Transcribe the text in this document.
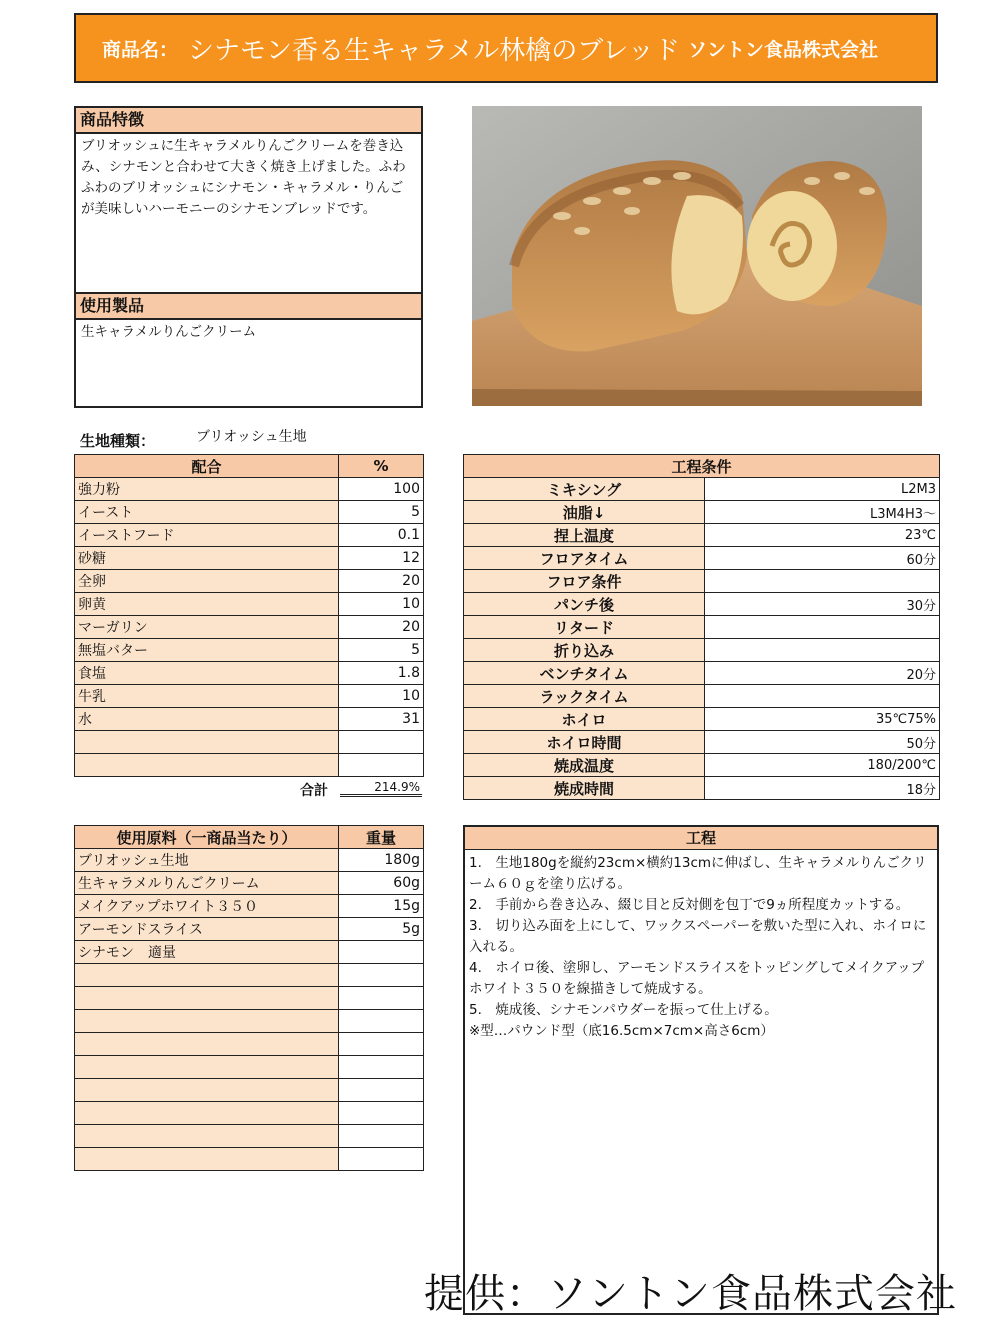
商品名： シナモン香る生キャラメル林檎のブレッド ソントン食品株式会社
商品特徴
ブリオッシュに生キャラメルりんごクリームを巻き込み、シナモンと合わせて大きく焼き上げました。ふわふわのブリオッシュにシナモン・キャラメル・りんごが美味しいハーモニーのシナモンブレッドです。
使用製品
生キャラメルりんごクリーム
生地種類：	ブリオッシュ生地
配合	%
強力粉	100
イースト	5
イーストフード	0.1
砂糖	12
全卵	20
卵黄	10
マーガリン	20
無塩バター	5
食塩	1.8
牛乳	10
水	31

合計	214.9%
工程条件	
ミキシング	L2M3
油脂↓	L3M4H3～
捏上温度	23℃
フロアタイム	60分
フロア条件	
パンチ後	30分
リタード	
折り込み	
ベンチタイム	20分
ラックタイム	
ホイロ	35℃75%
ホイロ時間	50分
焼成温度	180/200℃
焼成時間	18分
使用原料（一商品当たり）	重量
ブリオッシュ生地	180g
生キャラメルりんごクリーム	60g
メイクアップホワイト３５０	15g
アーモンドスライス	5g
シナモン　適量	

工程
1.　生地180gを縦約23cm×横約13cmに伸ばし、生キャラメルりんごクリーム６０ｇを塗り広げる。
2.　手前から巻き込み、綴じ目と反対側を包丁で9ヵ所程度カットする。
3.　切り込み面を上にして、ワックスペーパーを敷いた型に入れ、ホイロに入れる。
4.　ホイロ後、塗卵し、アーモンドスライスをトッピングしてメイクアップホワイト３５０を線描きして焼成する。
5.　焼成後、シナモンパウダーを振って仕上げる。
※型…パウンド型（底16.5cm×7cm×高さ6cm）
提供：ソントン食品株式会社
